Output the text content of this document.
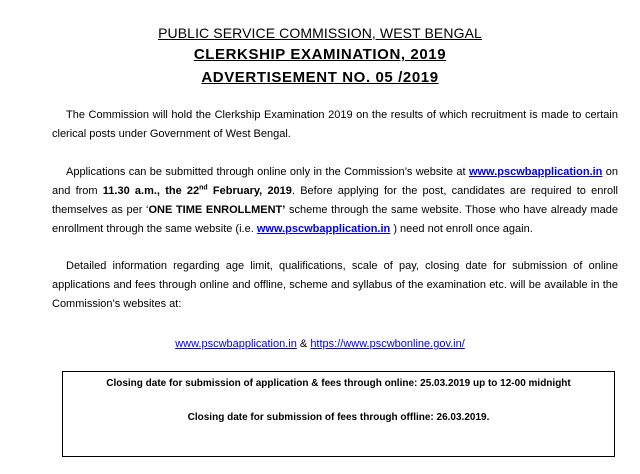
PUBLIC SERVICE COMMISSION, WEST BENGAL
CLERKSHIP EXAMINATION, 2019
ADVERTISEMENT NO. 05 /2019

The Commission will hold the Clerkship Examination 2019 on the results of which recruitment is made to certain clerical posts under Government of West Bengal.

Applications can be submitted through online only in the Commission’s website at www.pscwbapplication.in on and from 11.30 a.m., the 22nd February, 2019. Before applying for the post, candidates are required to enroll themselves as per ‘ONE TIME ENROLLMENT’ scheme through the same website. Those who have already made enrollment through the same website (i.e. www.pscwbapplication.in ) need not enroll once again.

Detailed information regarding age limit, qualifications, scale of pay, closing date for submission of online applications and fees through online and offline, scheme and syllabus of the examination etc. will be available in the Commission’s websites at:

www.pscwbapplication.in & https://www.pscwbonline.gov.in/
Closing date for submission of application & fees through online: 25.03.2019 up to 12-00 midnight
Closing date for submission of fees through offline: 26.03.2019.
